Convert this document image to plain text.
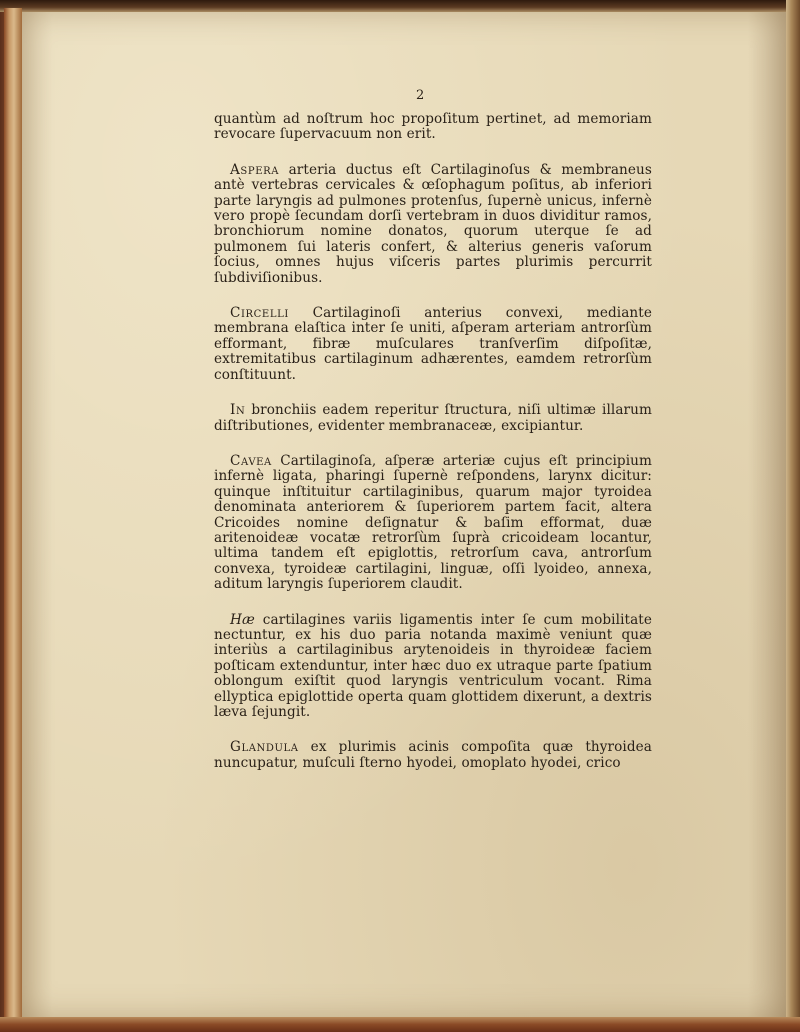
2

quantùm ad noſtrum hoc propoſitum pertinet, ad memoriam revocare ſupervacuum non erit.

Aspera arteria ductus eſt Cartilaginoſus & membraneus antè vertebras cervicales & œſophagum poſitus, ab inferiori parte laryngis ad pulmones protenſus, ſupernè unicus, infernè vero propè ſecundam dorſi vertebram in duos dividitur ramos, bronchiorum nomine donatos, quorum uterque ſe ad pulmonem ſui lateris confert, & alterius generis vaſorum ſocius, omnes hujus viſceris partes plurimis percurrit ſubdiviſionibus.

Circelli Cartilaginoſi anterius convexi, mediante membrana elaſtica inter ſe uniti, aſperam arteriam antrorſùm efformant, fibræ muſculares tranſverſim diſpoſitæ, extremitatibus cartilaginum adhærentes, eamdem retrorſùm conſtituunt.

In bronchiis eadem reperitur ſtructura, niſi ultimæ illarum diſtributiones, evidenter membranaceæ, excipiantur.

Cavea Cartilaginoſa, aſperæ arteriæ cujus eſt principium infernè ligata, pharingi ſupernè reſpondens, larynx dicitur: quinque inſtituitur cartilaginibus, quarum major tyroidea denominata anteriorem & ſuperiorem partem facit, altera Cricoides nomine deſignatur & baſim efformat, duæ aritenoideæ vocatæ retrorſùm ſuprà cricoideam locantur, ultima tandem eſt epiglottis, retrorſum cava, antrorſum convexa, tyroideæ cartilagini, linguæ, oſſi lyoideo, annexa, aditum laryngis ſuperiorem claudit.

Hæ cartilagines variis ligamentis inter ſe cum mobilitate nectuntur, ex his duo paria notanda maximè veniunt quæ interiùs a cartilaginibus arytenoideis in thyroideæ faciem poſticam extenduntur, inter hæc duo ex utraque parte ſpatium oblongum exiſtit quod laryngis ventriculum vocant. Rima ellyptica epiglottide operta quam glottidem dixerunt, a dextris læva ſejungit.

Glandula ex plurimis acinis compoſita quæ thyroidea nuncupatur, muſculi ſterno hyodei, omoplato hyodei, crico
